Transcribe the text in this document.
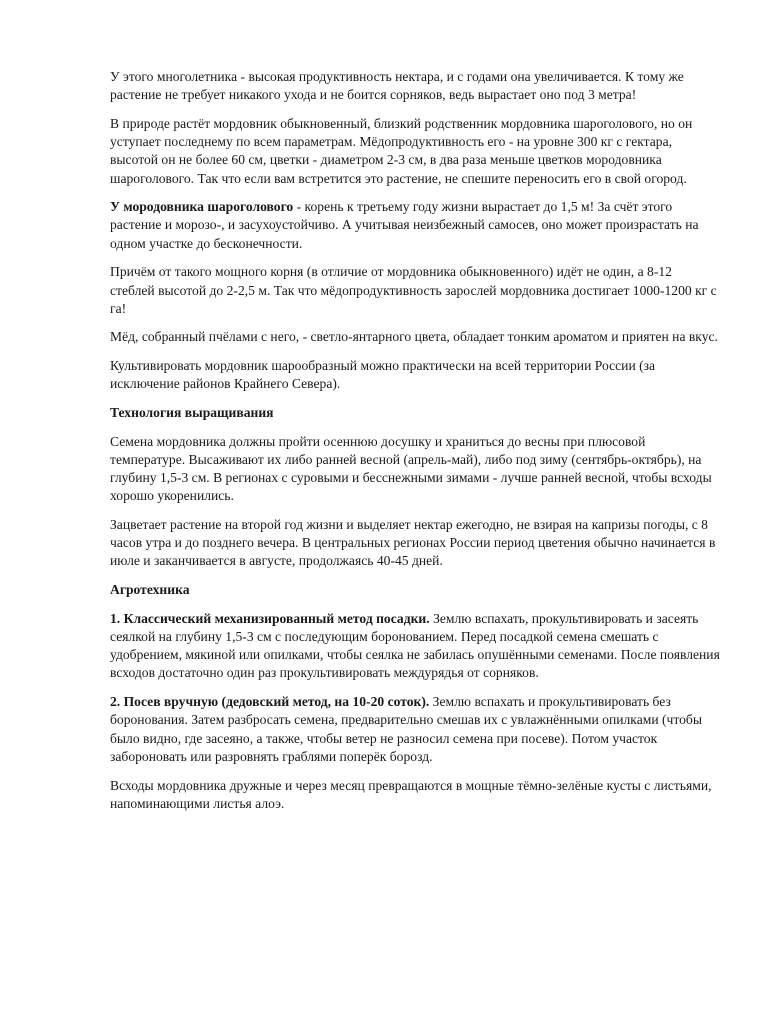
У этого многолетника - высокая продуктивность нектара, и с годами она увеличивается. К тому же растение не требует никакого ухода и не боится сорняков, ведь вырастает оно под 3 метра!

В природе растёт мордовник обыкновенный, близкий родственник мордовника шароголового, но он уступает последнему по всем параметрам. Мёдопродуктивность его - на уровне 300 кг с гектара, высотой он не более 60 см, цветки - диаметром 2-3 см, в два раза меньше цветков мородовника шароголового. Так что если вам встретится это растение, не спешите переносить его в свой огород.

У мородовника шароголового - корень к третьему году жизни вырастает до 1,5 м! За счёт этого растение и морозо-, и засухоустойчиво. А учитывая неизбежный самосев, оно может произрастать на одном участке до бесконечности.

Причём от такого мощного корня (в отличие от мордовника обыкновенного) идёт не один, а 8-12 стеблей высотой до 2-2,5 м. Так что мёдопродуктивность зарослей мордовника достигает 1000-1200 кг с га!

Мёд, собранный пчёлами с него, - светло-янтарного цвета, обладает тонким ароматом и приятен на вкус.

Культивировать мордовник шарообразный можно практически на всей территории России (за исключение районов Крайнего Севера).

Технология выращивания

Семена мордовника должны пройти осеннюю досушку и храниться до весны при плюсовой температуре. Высаживают их либо ранней весной (апрель-май), либо под зиму (сентябрь-октябрь), на глубину 1,5-3 см. В регионах с суровыми и бесснежными зимами - лучше ранней весной, чтобы всходы хорошо укоренились.

Зацветает растение на второй год жизни и выделяет нектар ежегодно, не взирая на капризы погоды, с 8 часов утра и до позднего вечера. В центральных регионах России период цветения обычно начинается в июле и заканчивается в августе, продолжаясь 40-45 дней.

Агротехника

1. Классический механизированный метод посадки. Землю вспахать, прокультивировать и засеять сеялкой на глубину 1,5-3 см с последующим боронованием. Перед посадкой семена смешать с удобрением, мякиной или опилками, чтобы сеялка не забилась опушёнными семенами. После появления всходов достаточно один раз прокультивировать междурядья от сорняков.

2. Посев вручную (дедовский метод, на 10-20 соток). Землю вспахать и прокультивировать без боронования. Затем разбросать семена, предварительно смешав их с увлажнёнными опилками (чтобы было видно, где засеяно, а также, чтобы ветер не разносил семена при посеве). Потом участок забороновать или разровнять граблями поперёк борозд.

Всходы мордовника дружные и через месяц превращаются в мощные тёмно-зелёные кусты с листьями, напоминающими листья алоэ.
